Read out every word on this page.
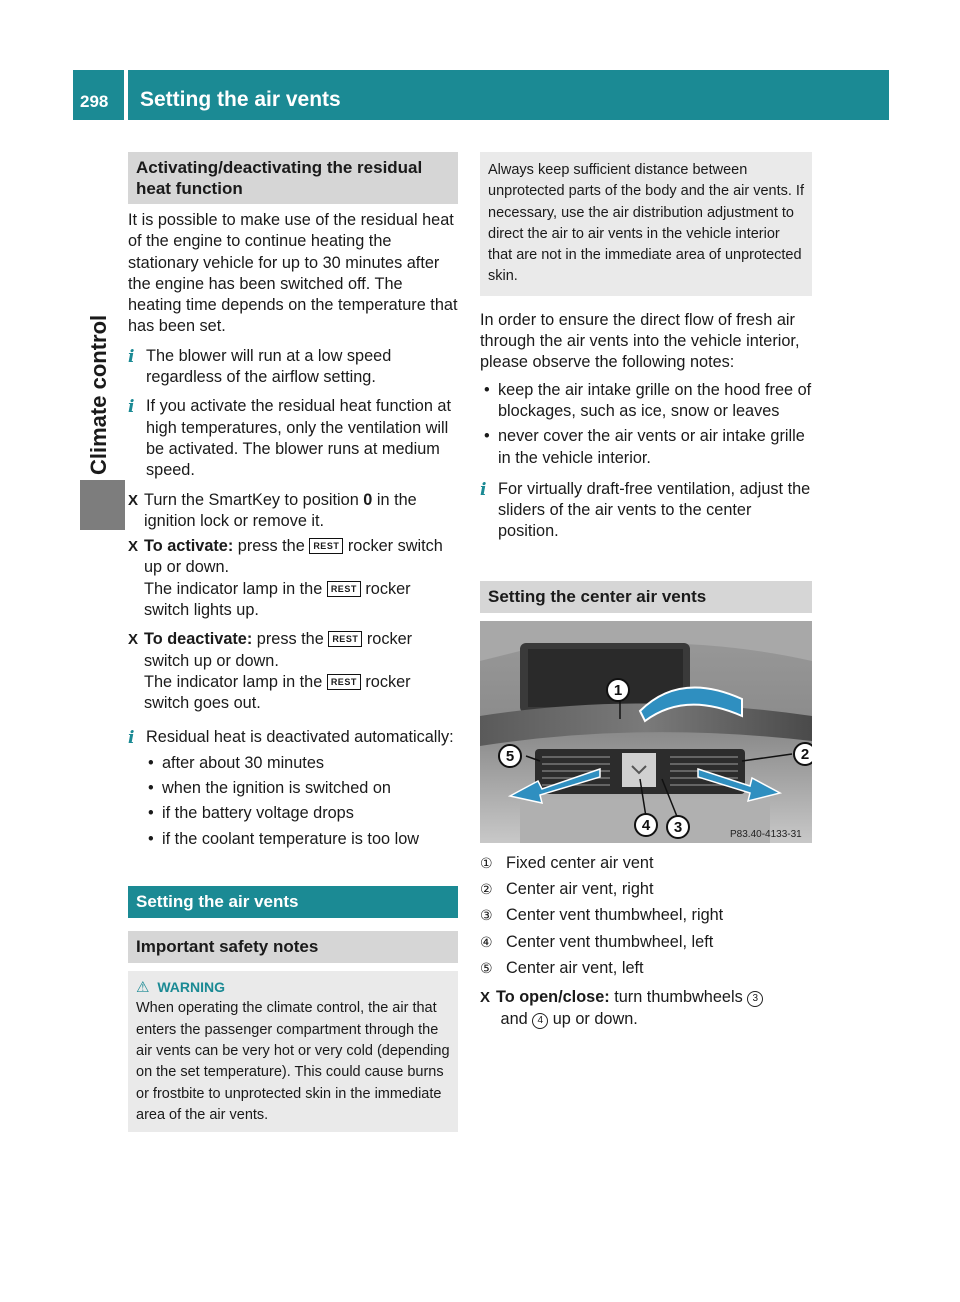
298 Setting the air vents
Climate control
Activating/deactivating the residual heat function

It is possible to make use of the residual heat of the engine to continue heating the stationary vehicle for up to 30 minutes after the engine has been switched off. The heating time depends on the temperature that has been set.

i The blower will run at a low speed regardless of the airflow setting.
i If you activate the residual heat function at high temperatures, only the ventilation will be activated. The blower runs at medium speed.
X Turn the SmartKey to position 0 in the ignition lock or remove it.
X To activate: press the REST rocker switch up or down.
The indicator lamp in the REST rocker switch lights up.
X To deactivate: press the REST rocker switch up or down.
The indicator lamp in the REST rocker switch goes out.
i Residual heat is deactivated automatically:
• after about 30 minutes
• when the ignition is switched on
• if the battery voltage drops
• if the coolant temperature is too low
Setting the air vents
Important safety notes
⚠ WARNING

When operating the climate control, the air that enters the passenger compartment through the air vents can be very hot or very cold (depending on the set temperature). This could cause burns or frostbite to unprotected skin in the immediate area of the air vents.

Always keep sufficient distance between unprotected parts of the body and the air vents. If necessary, use the air distribution adjustment to direct the air to air vents in the vehicle interior that are not in the immediate area of unprotected skin.

In order to ensure the direct flow of fresh air through the air vents into the vehicle interior, please observe the following notes:

• keep the air intake grille on the hood free of blockages, such as ice, snow or leaves
• never cover the air vents or air intake grille in the vehicle interior.
i For virtually draft-free ventilation, adjust the sliders of the air vents to the center position.
Setting the center air vents
1
2
3
4
5
P83.40-4133-31
① Fixed center air vent
② Center air vent, right
③ Center vent thumbwheel, right
④ Center vent thumbwheel, left
⑤ Center air vent, left
X To open/close: turn thumbwheels 3
and 4 up or down.
